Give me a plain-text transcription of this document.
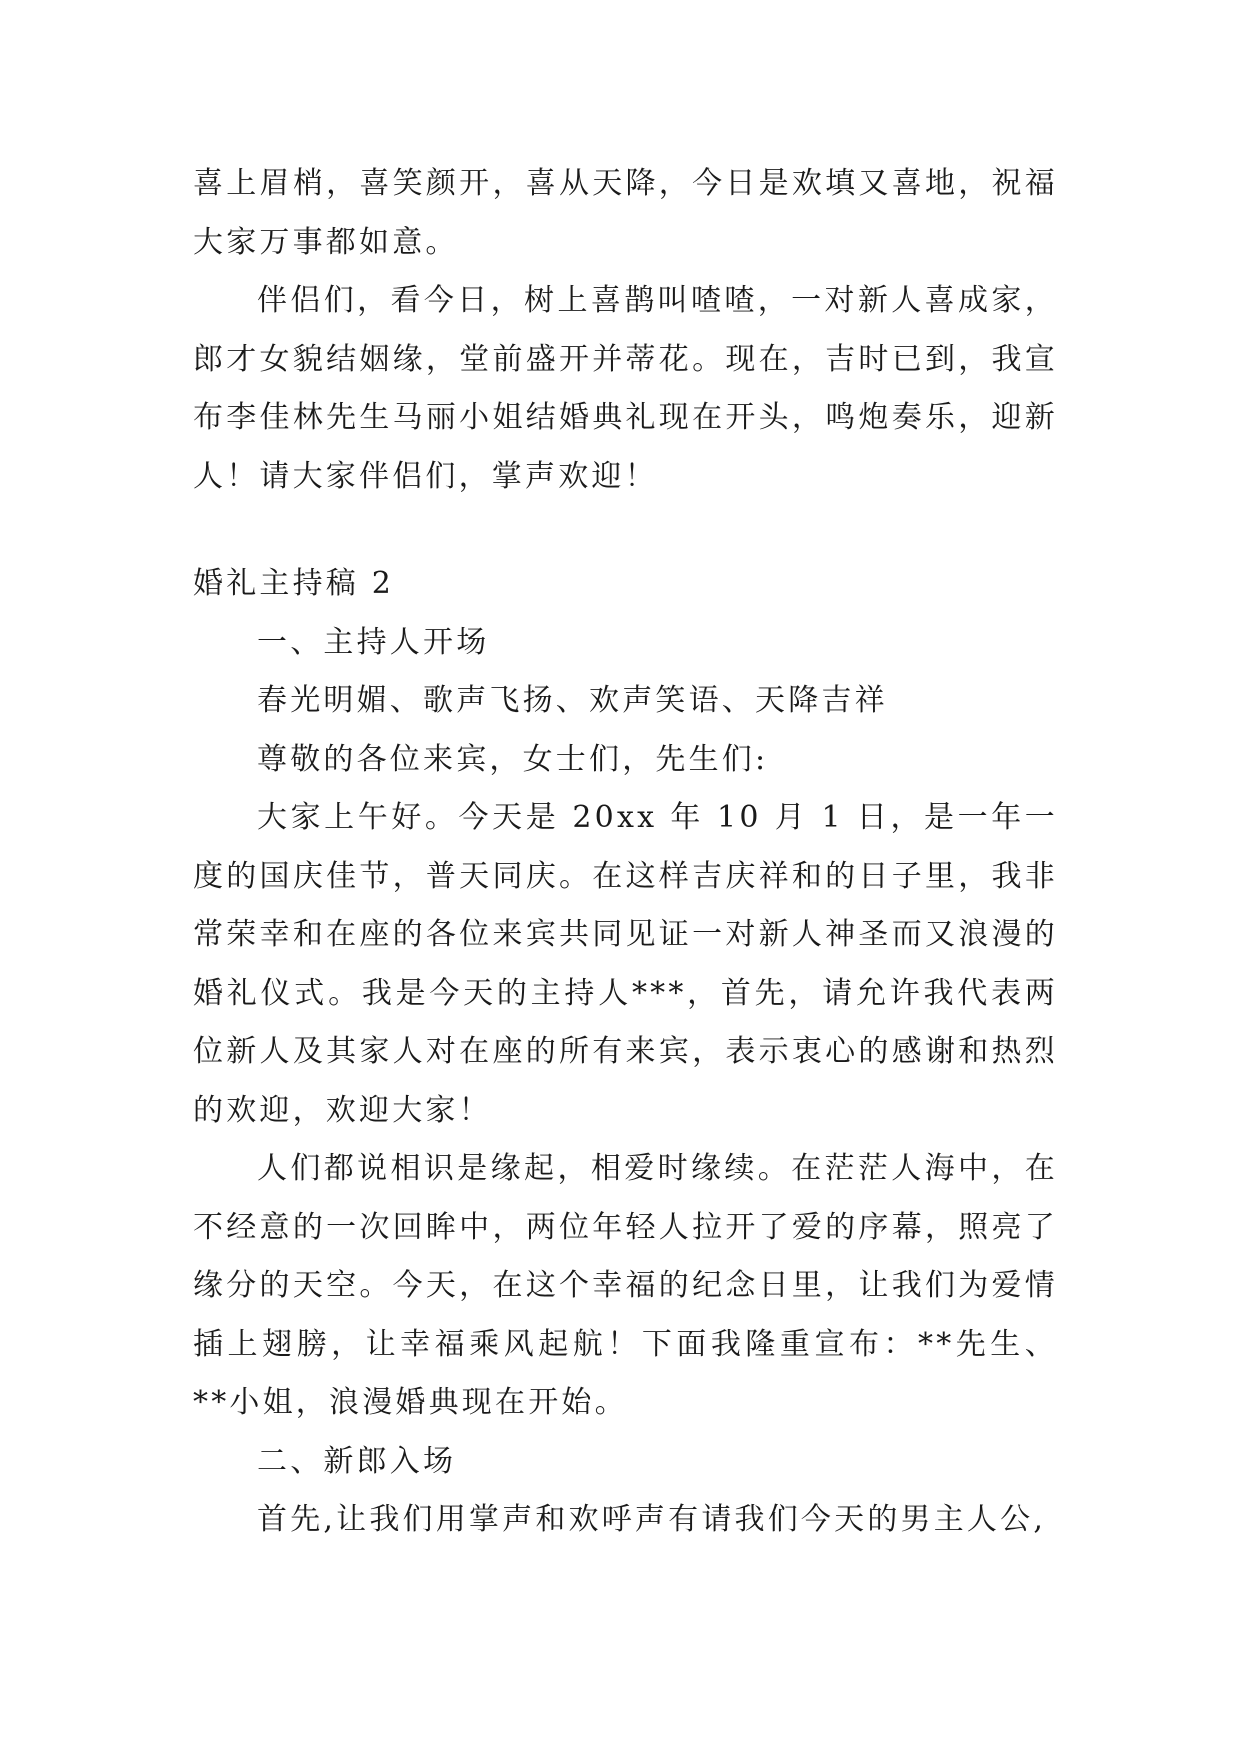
喜上眉梢，喜笑颜开，喜从天降，今日是欢填又喜地，祝福大家万事都如意。

伴侣们，看今日，树上喜鹊叫喳喳，一对新人喜成家，郎才女貌结姻缘，堂前盛开并蒂花。现在，吉时已到，我宣布李佳林先生马丽小姐结婚典礼现在开头，鸣炮奏乐，迎新人！请大家伴侣们，掌声欢迎！

婚礼主持稿 2

一、主持人开场

春光明媚、歌声飞扬、欢声笑语、天降吉祥

尊敬的各位来宾，女士们，先生们:

大家上午好。今天是 20xx 年 10 月 1 日，是一年一度的国庆佳节，普天同庆。在这样吉庆祥和的日子里，我非常荣幸和在座的各位来宾共同见证一对新人神圣而又浪漫的婚礼仪式。我是今天的主持人***，首先，请允许我代表两位新人及其家人对在座的所有来宾，表示衷心的感谢和热烈的欢迎，欢迎大家！

人们都说相识是缘起，相爱时缘续。在茫茫人海中，在不经意的一次回眸中，两位年轻人拉开了爱的序幕，照亮了缘分的天空。今天，在这个幸福的纪念日里，让我们为爱情插上翅膀，让幸福乘风起航！下面我隆重宣布：**先生、**小姐，浪漫婚典现在开始。

二、新郎入场

首先,让我们用掌声和欢呼声有请我们今天的男主人公,
